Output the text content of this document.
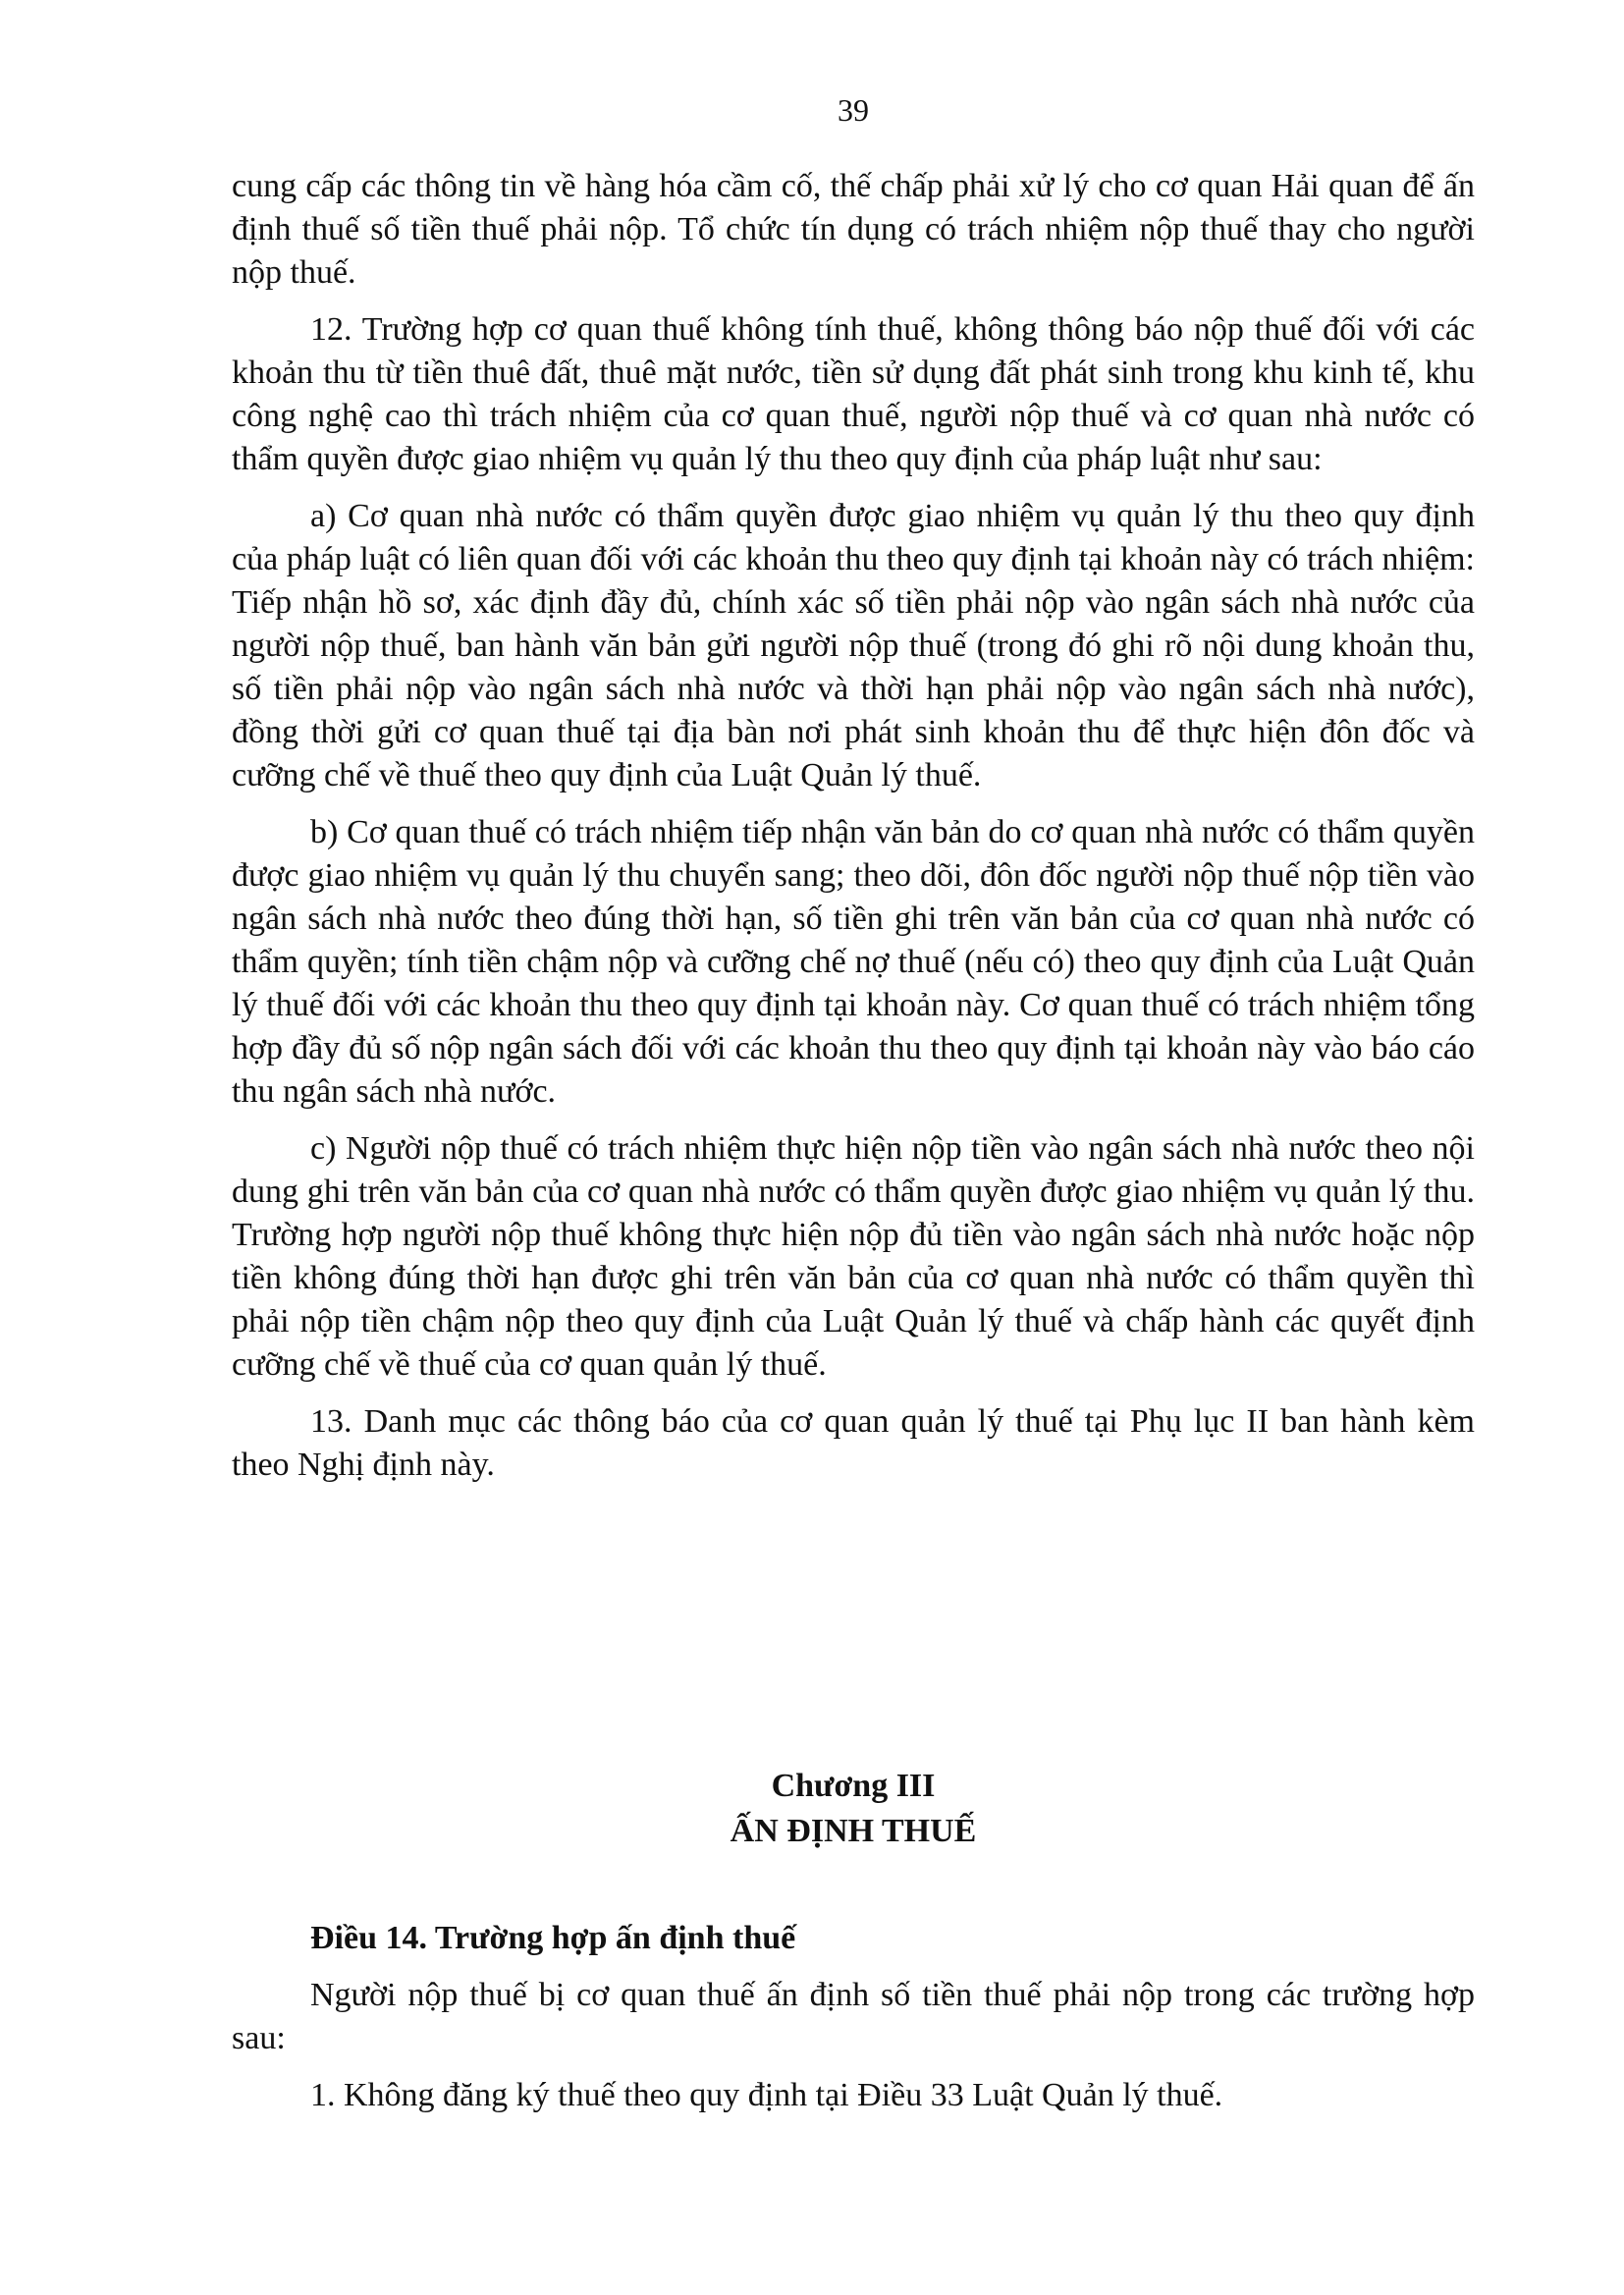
39

cung cấp các thông tin về hàng hóa cầm cố, thế chấp phải xử lý cho cơ quan Hải quan để ấn định thuế số tiền thuế phải nộp. Tổ chức tín dụng có trách nhiệm nộp thuế thay cho người nộp thuế.

12. Trường hợp cơ quan thuế không tính thuế, không thông báo nộp thuế đối với các khoản thu từ tiền thuê đất, thuê mặt nước, tiền sử dụng đất phát sinh trong khu kinh tế, khu công nghệ cao thì trách nhiệm của cơ quan thuế, người nộp thuế và cơ quan nhà nước có thẩm quyền được giao nhiệm vụ quản lý thu theo quy định của pháp luật như sau:

a) Cơ quan nhà nước có thẩm quyền được giao nhiệm vụ quản lý thu theo quy định của pháp luật có liên quan đối với các khoản thu theo quy định tại khoản này có trách nhiệm: Tiếp nhận hồ sơ, xác định đầy đủ, chính xác số tiền phải nộp vào ngân sách nhà nước của người nộp thuế, ban hành văn bản gửi người nộp thuế (trong đó ghi rõ nội dung khoản thu, số tiền phải nộp vào ngân sách nhà nước và thời hạn phải nộp vào ngân sách nhà nước), đồng thời gửi cơ quan thuế tại địa bàn nơi phát sinh khoản thu để thực hiện đôn đốc và cưỡng chế về thuế theo quy định của Luật Quản lý thuế.

b) Cơ quan thuế có trách nhiệm tiếp nhận văn bản do cơ quan nhà nước có thẩm quyền được giao nhiệm vụ quản lý thu chuyển sang; theo dõi, đôn đốc người nộp thuế nộp tiền vào ngân sách nhà nước theo đúng thời hạn, số tiền ghi trên văn bản của cơ quan nhà nước có thẩm quyền; tính tiền chậm nộp và cưỡng chế nợ thuế (nếu có) theo quy định của Luật Quản lý thuế đối với các khoản thu theo quy định tại khoản này. Cơ quan thuế có trách nhiệm tổng hợp đầy đủ số nộp ngân sách đối với các khoản thu theo quy định tại khoản này vào báo cáo thu ngân sách nhà nước.

c) Người nộp thuế có trách nhiệm thực hiện nộp tiền vào ngân sách nhà nước theo nội dung ghi trên văn bản của cơ quan nhà nước có thẩm quyền được giao nhiệm vụ quản lý thu. Trường hợp người nộp thuế không thực hiện nộp đủ tiền vào ngân sách nhà nước hoặc nộp tiền không đúng thời hạn được ghi trên văn bản của cơ quan nhà nước có thẩm quyền thì phải nộp tiền chậm nộp theo quy định của Luật Quản lý thuế và chấp hành các quyết định cưỡng chế về thuế của cơ quan quản lý thuế.

13. Danh mục các thông báo của cơ quan quản lý thuế tại Phụ lục II ban hành kèm theo Nghị định này.

Chương III
ẤN ĐỊNH THUẾ

Điều 14. Trường hợp ấn định thuế

Người nộp thuế bị cơ quan thuế ấn định số tiền thuế phải nộp trong các trường hợp sau:

1. Không đăng ký thuế theo quy định tại Điều 33 Luật Quản lý thuế.
